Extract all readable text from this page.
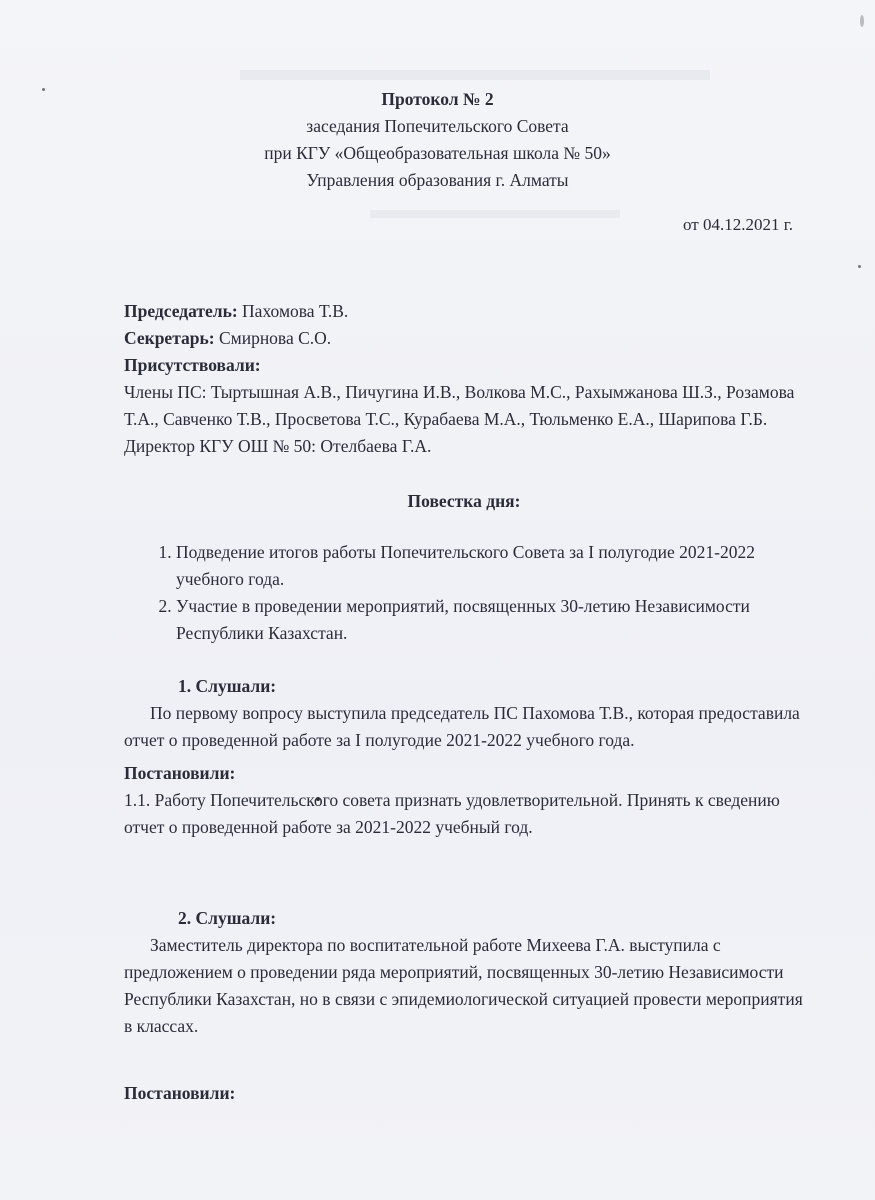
Протокол № 2
заседания Попечительского Совета
при КГУ «Общеобразовательная школа № 50»
Управления образования г. Алматы
от 04.12.2021 г.
Председатель: Пахомова Т.В.
Секретарь: Смирнова С.О.
Присутствовали:

Члены ПС: Тыртышная А.В., Пичугина И.В., Волкова М.С., Рахымжанова Ш.З., Розамова Т.А., Савченко Т.В., Просветова Т.С., Курабаева М.А., Тюльменко Е.А., Шарипова Г.Б.

Директор КГУ ОШ № 50: Отелбаева Г.А.

Повестка дня:
1. Подведение итогов работы Попечительского Совета за I полугодие 2021-2022 учебного года.
2. Участие в проведении мероприятий, посвященных 30-летию Независимости Республики Казахстан.

1. Слушали:

По первому вопросу выступила председатель ПС Пахомова Т.В., которая предоставила отчет о проведенной работе за I полугодие 2021-2022 учебного года.

Постановили:

1.1. Работу Попечительского совета признать удовлетворительной. Принять к сведению отчет о проведенной работе за 2021-2022 учебный год.

2. Слушали:

Заместитель директора по воспитательной работе Михеева Г.А. выступила с предложением о проведении ряда мероприятий, посвященных 30-летию Независимости Республики Казахстан, но в связи с эпидемиологической ситуацией провести мероприятия в классах.

Постановили:
